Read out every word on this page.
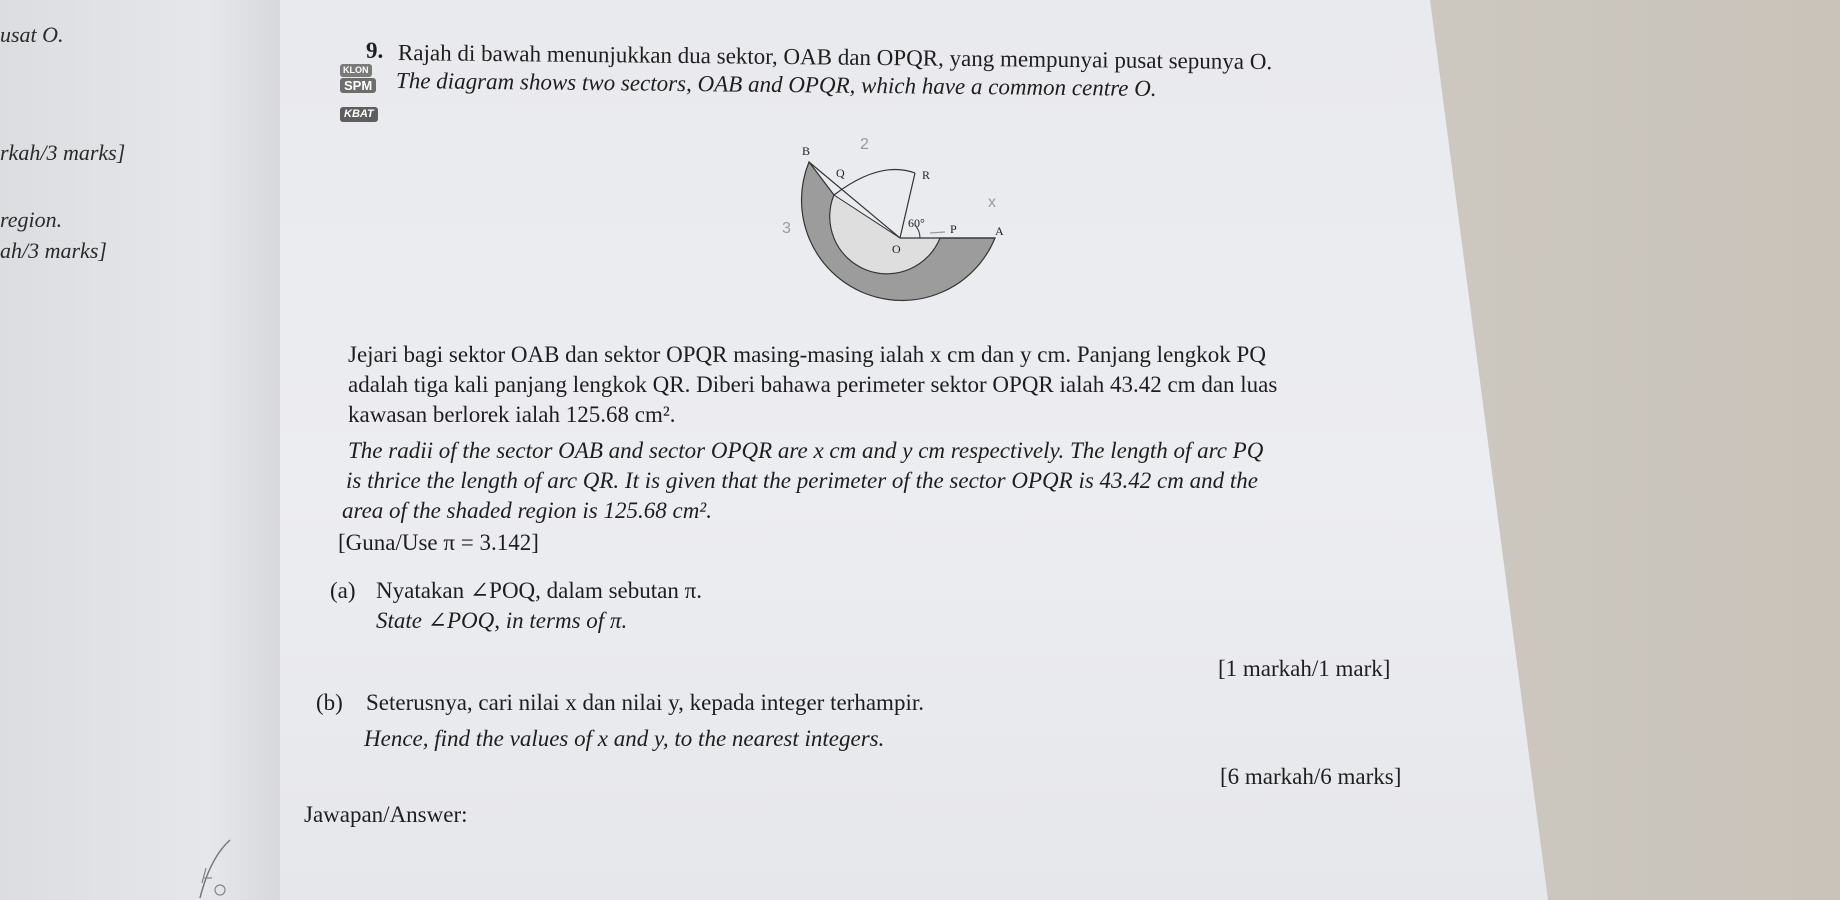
usat O.
rkah/3 marks]
region.
ah/3 marks]
9. Rajah di bawah menunjukkan dua sektor, OAB dan OPQR, yang mempunyai pusat sepunya O.
KLON
SPM
KBAT
The diagram shows two sectors, OAB and OPQR, which have a common centre O.
B
Q	R
O
P	A
60°
2
x
3
Jejari bagi sektor OAB dan sektor OPQR masing-masing ialah x cm dan y cm. Panjang lengkok PQ
adalah tiga kali panjang lengkok QR. Diberi bahawa perimeter sektor OPQR ialah 43.42 cm dan luas
kawasan berlorek ialah 125.68 cm².
The radii of the sector OAB and sector OPQR are x cm and y cm respectively. The length of arc PQ
is thrice the length of arc QR. It is given that the perimeter of the sector OPQR is 43.42 cm and the
area of the shaded region is 125.68 cm².
[Guna/Use π = 3.142]
(a) Nyatakan ∠POQ, dalam sebutan π.
State ∠POQ, in terms of π.
[1 markah/1 mark]
(b) Seterusnya, cari nilai x dan nilai y, kepada integer terhampir.
Hence, find the values of x and y, to the nearest integers.
[6 markah/6 marks]
Jawapan/Answer:
